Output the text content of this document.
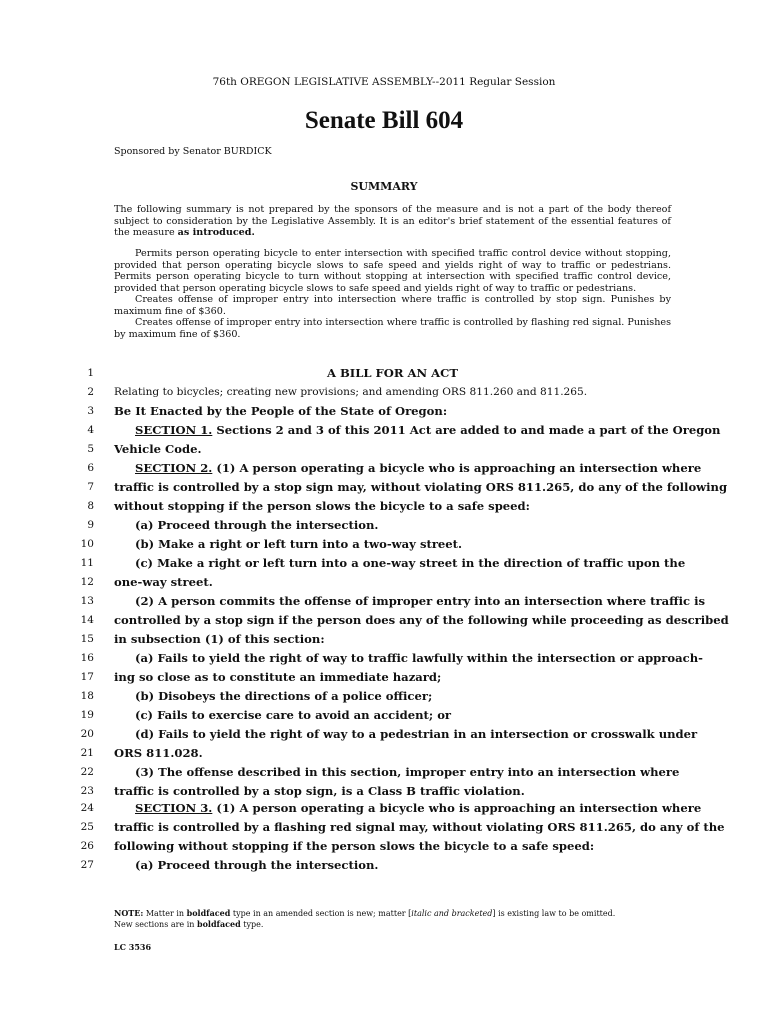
76th OREGON LEGISLATIVE ASSEMBLY--2011 Regular Session
Senate Bill 604
Sponsored by Senator BURDICK
SUMMARY
The following summary is not prepared by the sponsors of the measure and is not a part of the body thereof subject to consideration by the Legislative Assembly. It is an editor's brief statement of the essential features of the measure as introduced.

Permits person operating bicycle to enter intersection with specified traffic control device without stopping, provided that person operating bicycle slows to safe speed and yields right of way to traffic or pedestrians. Permits person operating bicycle to turn without stopping at intersection with specified traffic control device, provided that person operating bicycle slows to safe speed and yields right of way to traffic or pedestrians.

Creates offense of improper entry into intersection where traffic is controlled by stop sign. Punishes by maximum fine of $360.

Creates offense of improper entry into intersection where traffic is controlled by flashing red signal. Punishes by maximum fine of $360.

1	A BILL FOR AN ACT
2 Relating to bicycles; creating new provisions; and amending ORS 811.260 and 811.265.
3 Be It Enacted by the People of the State of Oregon:
4	SECTION 1. Sections 2 and 3 of this 2011 Act are added to and made a part of the Oregon
5 Vehicle Code.
6	SECTION 2. (1) A person operating a bicycle who is approaching an intersection where
7 traffic is controlled by a stop sign may, without violating ORS 811.265, do any of the following
8 without stopping if the person slows the bicycle to a safe speed:
9	(a) Proceed through the intersection.
10	(b) Make a right or left turn into a two-way street.
11	(c) Make a right or left turn into a one-way street in the direction of traffic upon the
12 one-way street.
13	(2) A person commits the offense of improper entry into an intersection where traffic is
14 controlled by a stop sign if the person does any of the following while proceeding as described
15 in subsection (1) of this section:
16	(a) Fails to yield the right of way to traffic lawfully within the intersection or approach-
17 ing so close as to constitute an immediate hazard;
18	(b) Disobeys the directions of a police officer;
19	(c) Fails to exercise care to avoid an accident; or
20	(d) Fails to yield the right of way to a pedestrian in an intersection or crosswalk under
21 ORS 811.028.
22	(3) The offense described in this section, improper entry into an intersection where
23 traffic is controlled by a stop sign, is a Class B traffic violation.
24	SECTION 3. (1) A person operating a bicycle who is approaching an intersection where
25 traffic is controlled by a flashing red signal may, without violating ORS 811.265, do any of the
26 following without stopping if the person slows the bicycle to a safe speed:
27	(a) Proceed through the intersection.
NOTE: Matter in boldfaced type in an amended section is new; matter [italic and bracketed] is existing law to be omitted.
New sections are in boldfaced type.
LC 3536
